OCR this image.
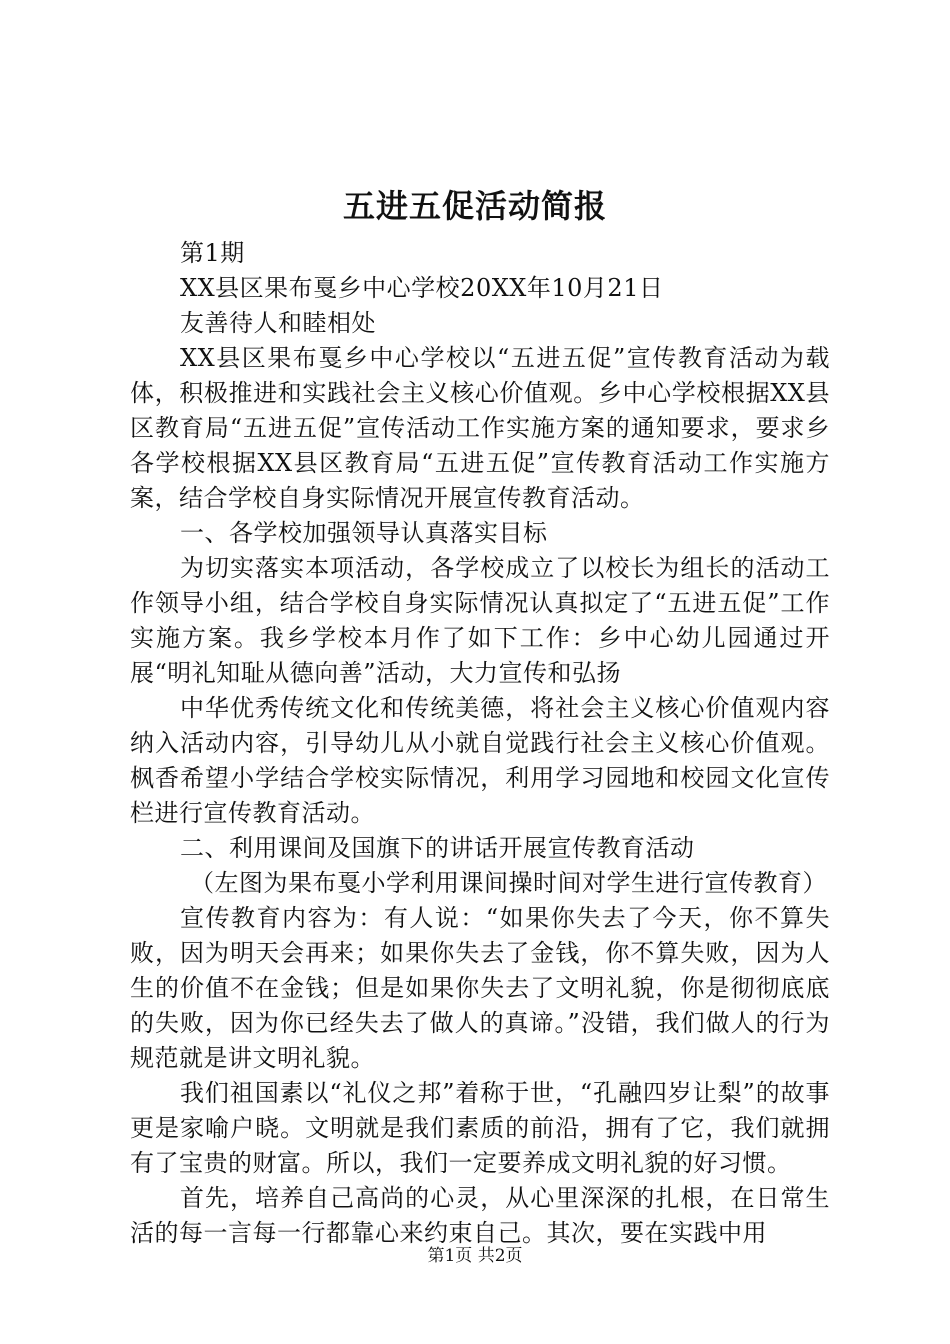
五进五促活动简报

第1期

XX县区果布戛乡中心学校20XX年10月21日

友善待人和睦相处

XX县区果布戛乡中心学校以“五进五促”宣传教育活动为载体，积极推进和实践社会主义核心价值观。乡中心学校根据XX县区教育局“五进五促”宣传活动工作实施方案的通知要求，要求乡各学校根据XX县区教育局“五进五促”宣传教育活动工作实施方案，结合学校自身实际情况开展宣传教育活动。

一、各学校加强领导认真落实目标

为切实落实本项活动，各学校成立了以校长为组长的活动工作领导小组，结合学校自身实际情况认真拟定了“五进五促”工作实施方案。我乡学校本月作了如下工作：乡中心幼儿园通过开展“明礼知耻从德向善”活动，大力宣传和弘扬

中华优秀传统文化和传统美德，将社会主义核心价值观内容纳入活动内容，引导幼儿从小就自觉践行社会主义核心价值观。枫香希望小学结合学校实际情况，利用学习园地和校园文化宣传栏进行宣传教育活动。

二、利用课间及国旗下的讲话开展宣传教育活动

（左图为果布戛小学利用课间操时间对学生进行宣传教育）

宣传教育内容为：有人说：“如果你失去了今天，你不算失败，因为明天会再来；如果你失去了金钱，你不算失败，因为人生的价值不在金钱；但是如果你失去了文明礼貌，你是彻彻底底的失败，因为你已经失去了做人的真谛。”没错，我们做人的行为规范就是讲文明礼貌。

我们祖国素以“礼仪之邦”着称于世，“孔融四岁让梨”的故事更是家喻户晓。文明就是我们素质的前沿，拥有了它，我们就拥有了宝贵的财富。所以，我们一定要养成文明礼貌的好习惯。

首先，培养自己高尚的心灵，从心里深深的扎根，在日常生活的每一言每一行都靠心来约束自己。其次，要在实践中用

第1页 共2页
